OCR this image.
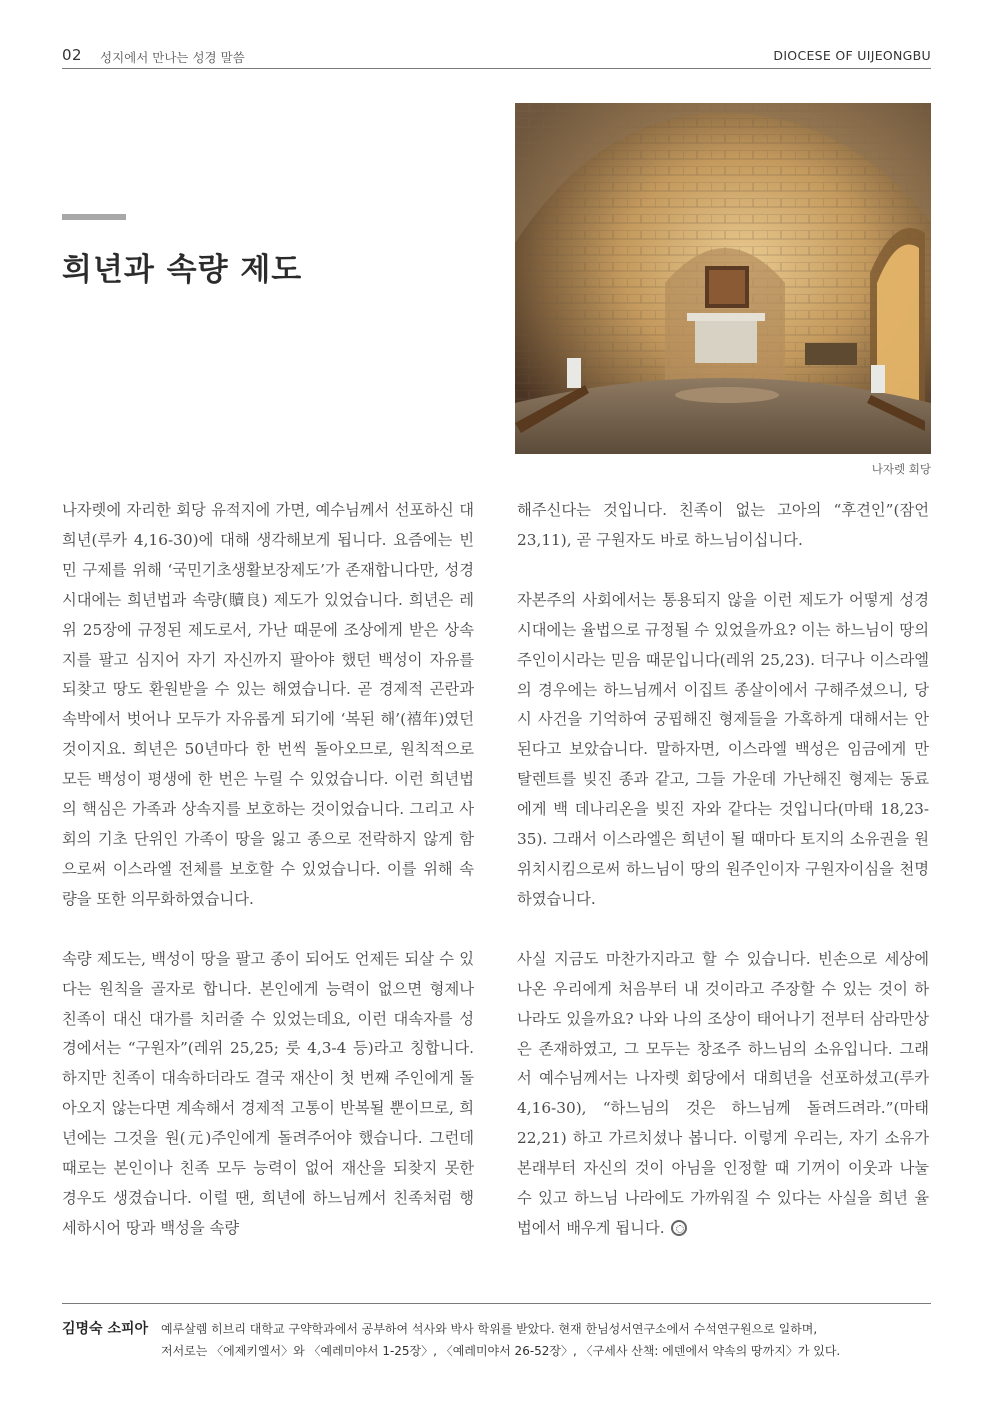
02 성지에서 만나는 성경 말씀	DIOCESE OF UIJEONGBU
희년과 속량 제도
나자렛 회당

나자렛에 자리한 회당 유적지에 가면, 예수님께서 선포하신 대희년(루카 4,16-30)에 대해 생각해보게 됩니다. 요즘에는 빈민 구제를 위해 ‘국민기초생활보장제도’가 존재합니다만, 성경 시대에는 희년법과 속량(贖良) 제도가 있었습니다. 희년은 레위 25장에 규정된 제도로서, 가난 때문에 조상에게 받은 상속지를 팔고 심지어 자기 자신까지 팔아야 했던 백성이 자유를 되찾고 땅도 환원받을 수 있는 해였습니다. 곧 경제적 곤란과 속박에서 벗어나 모두가 자유롭게 되기에 ‘복된 해’(禧年)였던 것이지요. 희년은 50년마다 한 번씩 돌아오므로, 원칙적으로 모든 백성이 평생에 한 번은 누릴 수 있었습니다. 이런 희년법의 핵심은 가족과 상속지를 보호하는 것이었습니다. 그리고 사회의 기초 단위인 가족이 땅을 잃고 종으로 전락하지 않게 함으로써 이스라엘 전체를 보호할 수 있었습니다. 이를 위해 속량을 또한 의무화하였습니다.

속량 제도는, 백성이 땅을 팔고 종이 되어도 언제든 되살 수 있다는 원칙을 골자로 합니다. 본인에게 능력이 없으면 형제나 친족이 대신 대가를 치러줄 수 있었는데요, 이런 대속자를 성경에서는 “구원자”(레위 25,25; 룻 4,3-4 등)라고 칭합니다. 하지만 친족이 대속하더라도 결국 재산이 첫 번째 주인에게 돌아오지 않는다면 계속해서 경제적 고통이 반복될 뿐이므로, 희년에는 그것을 원(元)주인에게 돌려주어야 했습니다. 그런데 때로는 본인이나 친족 모두 능력이 없어 재산을 되찾지 못한 경우도 생겼습니다. 이럴 땐, 희년에 하느님께서 친족처럼 행세하시어 땅과 백성을 속량

해주신다는 것입니다. 친족이 없는 고아의 “후견인”(잠언 23,11), 곧 구원자도 바로 하느님이십니다.

자본주의 사회에서는 통용되지 않을 이런 제도가 어떻게 성경 시대에는 율법으로 규정될 수 있었을까요? 이는 하느님이 땅의 주인이시라는 믿음 때문입니다(레위 25,23). 더구나 이스라엘의 경우에는 하느님께서 이집트 종살이에서 구해주셨으니, 당시 사건을 기억하여 궁핍해진 형제들을 가혹하게 대해서는 안 된다고 보았습니다. 말하자면, 이스라엘 백성은 임금에게 만 탈렌트를 빚진 종과 같고, 그들 가운데 가난해진 형제는 동료에게 백 데나리온을 빚진 자와 같다는 것입니다(마태 18,23-35). 그래서 이스라엘은 희년이 될 때마다 토지의 소유권을 원위치시킴으로써 하느님이 땅의 원주인이자 구원자이심을 천명하였습니다.

사실 지금도 마찬가지라고 할 수 있습니다. 빈손으로 세상에 나온 우리에게 처음부터 내 것이라고 주장할 수 있는 것이 하나라도 있을까요? 나와 나의 조상이 태어나기 전부터 삼라만상은 존재하였고, 그 모두는 창조주 하느님의 소유입니다. 그래서 예수님께서는 나자렛 회당에서 대희년을 선포하셨고(루카 4,16-30), “하느님의 것은 하느님께 돌려드려라.”(마태 22,21) 하고 가르치셨나 봅니다. 이렇게 우리는, 자기 소유가 본래부터 자신의 것이 아님을 인정할 때 기꺼이 이웃과 나눌 수 있고 하느님 나라에도 가까워질 수 있다는 사실을 희년 율법에서 배우게 됩니다.

김명숙 소피아 예루살렘 히브리 대학교 구약학과에서 공부하여 석사와 박사 학위를 받았다. 현재 한님성서연구소에서 수석연구원으로 일하며,
저서로는 〈에제키엘서〉와 〈예레미야서 1-25장〉, 〈예레미야서 26-52장〉, 〈구세사 산책: 에덴에서 약속의 땅까지〉가 있다.
